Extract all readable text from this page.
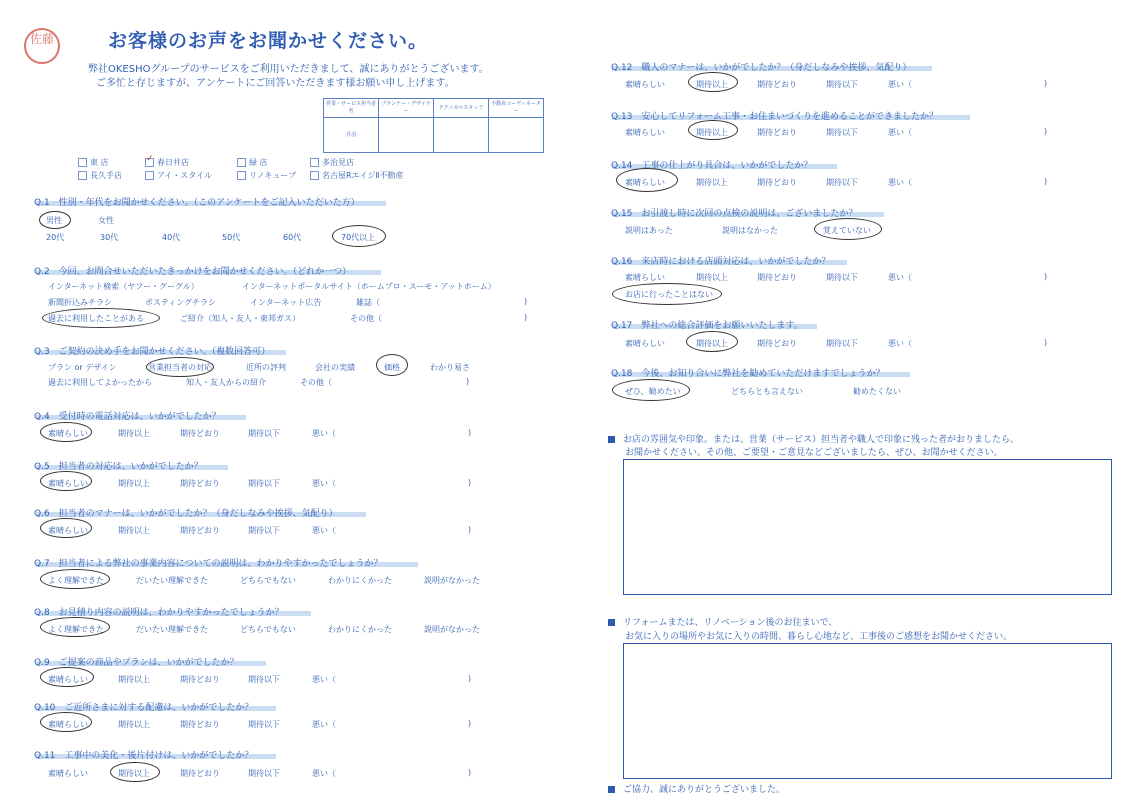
佐藤	お客様のお声をお聞かせください。
弊社OKESHOグループのサービスをご利用いただきまして、誠にありがとうございます。
ご多忙と存じますが、アンケートにご回答いただきます様お願い申し上げます。
営業・サービス担当者名	プランナー・デザイナー	テクニカルスタッフ	不動産コーディネーター
丹羽			
東 店 ✓	春日井店	緑 店	多治見店
長久手店	アイ・スタイル	リノキューブ	名古屋RエイジⅡ不動産
Q.1　性別・年代をお聞かせください。（このアンケートをご記入いただいた方）
男性	女性
20代	30代	40代	50代	60代	70代以上
Q.2　今回、お問合せいただいたきっかけをお聞かせください。（どれか一つ）
インターネット検索（ヤフー・グーグル）	インターネットポータルサイト（ホームプロ・スーモ・アットホーム）
新聞折込みチラシ	ポスティングチラシ	インターネット広告	雑誌（	)
過去に利用したことがある	ご紹介（知人・友人・東邦ガス）	その他（	)
Q.3　ご契約の決め手をお聞かせください。（複数回答可）
プラン or デザイン	営業担当者の対応	近所の評判	会社の実績	価格	わかり易さ
過去に利用してよかったから	知人・友人からの紹介	その他（	)
Q.4　受付時の電話対応は、いかがでしたか？
素晴らしい	期待以上	期待どおり	期待以下	悪い（	)
Q.5　担当者の対応は、いかがでしたか？
素晴らしい	期待以上	期待どおり	期待以下	悪い（	)
Q.6　担当者のマナーは、いかがでしたか？（身だしなみや挨拶、気配り）
素晴らしい	期待以上	期待どおり	期待以下	悪い（	)
Q.7　担当者による弊社の事業内容についての説明は、わかりやすかったでしょうか？
よく理解できた	だいたい理解できた	どちらでもない	わかりにくかった	説明がなかった
Q.8　お見積り内容の説明は、わかりやすかったでしょうか？
よく理解できた	だいたい理解できた	どちらでもない	わかりにくかった	説明がなかった
Q.9　ご提案の商品やプランは、いかがでしたか？
素晴らしい	期待以上	期待どおり	期待以下	悪い（	)
Q.10　ご近所さまに対する配慮は、いかがでしたか？
素晴らしい	期待以上	期待どおり	期待以下	悪い（	)
Q.11　工事中の美化・後片付けは、いかがでしたか？
素晴らしい	期待以上	期待どおり	期待以下	悪い（	)
Q.12　職人のマナーは、いかがでしたか？（身だしなみや挨拶、気配り）
素晴らしい	期待以上	期待どおり	期待以下	悪い（	)
Q.13　安心してリフォーム工事・お住まいづくりを進めることができましたか？
素晴らしい	期待以上	期待どおり	期待以下	悪い（	)
Q.14　工事の仕上がり具合は、いかがでしたか？
素晴らしい	期待以上	期待どおり	期待以下	悪い（	)
Q.15　お引渡し時に次回の点検の説明は、ございましたか？
説明はあった	説明はなかった	覚えていない
Q.16　来店時における店頭対応は、いかがでしたか？
素晴らしい	期待以上	期待どおり	期待以下	悪い（	)
お店に行ったことはない
Q.17　弊社への総合評価をお願いいたします。
素晴らしい	期待以上	期待どおり	期待以下	悪い（	)
Q.18　今後、お知り合いに弊社を勧めていただけますでしょうか？
ぜひ、勧めたい	どちらとも言えない	勧めたくない
お店の雰囲気や印象。または、営業（サービス）担当者や職人で印象に残った者がおりましたら、
お聞かせください。その他、ご要望・ご意見などございましたら、ぜひ、お聞かせください。
リフォームまたは、リノベーション後のお住まいで、
お気に入りの場所やお気に入りの時間、暮らし心地など、工事後のご感想をお聞かせください。
ご協力、誠にありがとうございました。
